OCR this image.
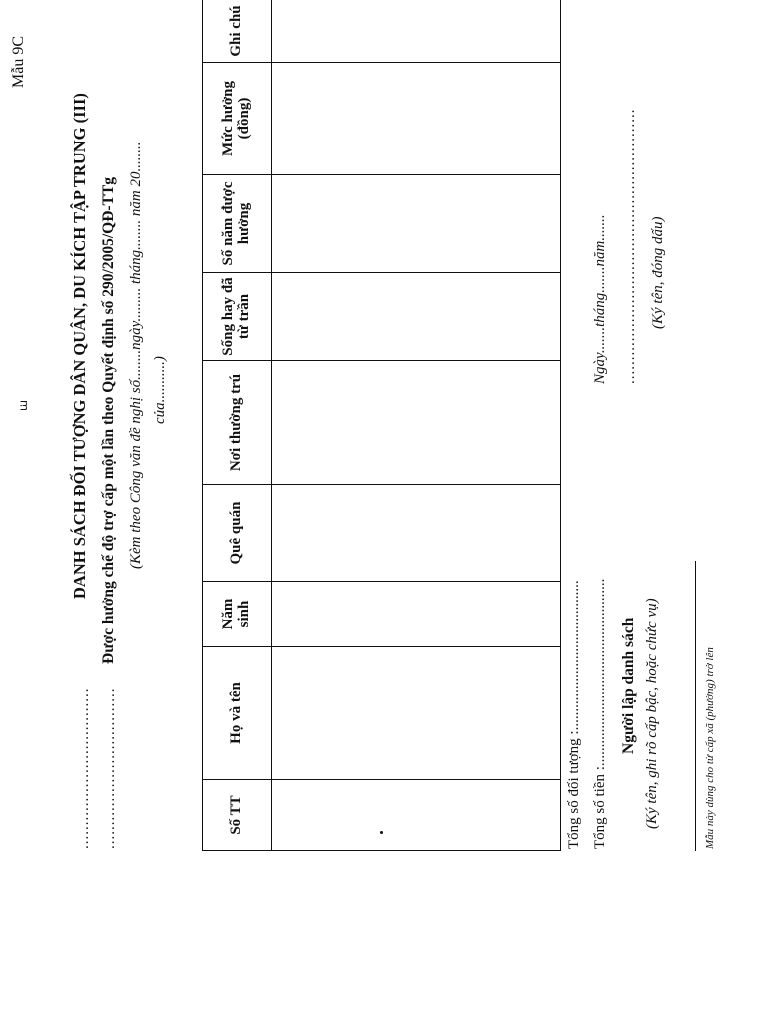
Mẫu 9C
ꭐ
.................................. ..................................
DANH SÁCH ĐỐI TƯỢNG DÂN QUÂN, DU KÍCH TẬP TRUNG (III) Được hưởng chế độ trợ cấp một lần theo Quyết định số 290/2005/QĐ-TTg (Kèm theo Công văn đề nghị số........ngày......... tháng........ năm 20........ của...........)
Số TT	Họ và tên	Năm sinh	Quê quán	Nơi thường trú	Sống hay đã từ trần	Số năm được hưởng	Mức hưởng (đồng)	Ghi chú

Tổng số đối tượng :........................................ Tổng số tiền :.................................................. Người lập danh sách (Ký tên, ghi rõ cấp bậc, hoặc chức vụ)
Ngày.......tháng.......năm....... .......................................................... (Ký tên, đóng dấu)
Mẫu này dùng cho từ cấp xã (phường) trở lên
